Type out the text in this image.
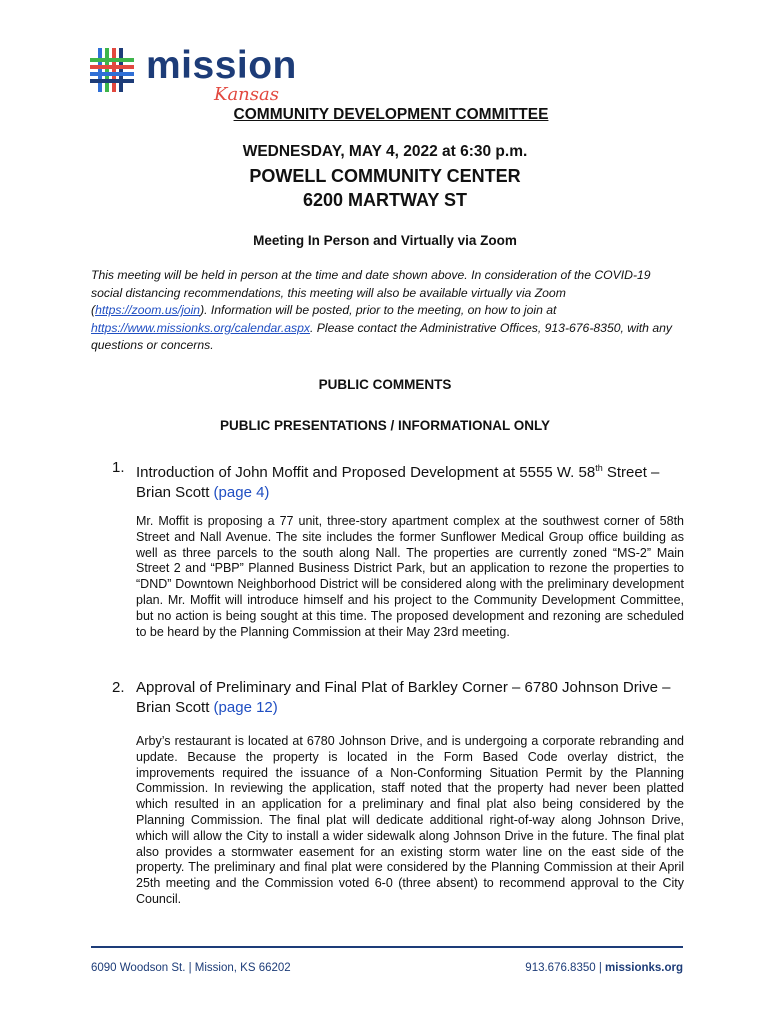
mission
Kansas
COMMUNITY DEVELOPMENT COMMITTEE
WEDNESDAY, MAY 4, 2022 at 6:30 p.m.
POWELL COMMUNITY CENTER
6200 MARTWAY ST
Meeting In Person and Virtually via Zoom
This meeting will be held in person at the time and date shown above. In consideration of the COVID-19 social distancing recommendations, this meeting will also be available virtually via Zoom (https://zoom.us/join). Information will be posted, prior to the meeting, on how to join at https://www.missionks.org/calendar.aspx. Please contact the Administrative Offices, 913-676-8350, with any questions or concerns.
PUBLIC COMMENTS
PUBLIC PRESENTATIONS / INFORMATIONAL ONLY
1. Introduction of John Moffit and Proposed Development at 5555 W. 58th Street – Brian Scott (page 4)
Mr. Moffit is proposing a 77 unit, three-story apartment complex at the southwest corner of 58th Street and Nall Avenue. The site includes the former Sunflower Medical Group office building as well as three parcels to the south along Nall. The properties are currently zoned “MS-2” Main Street 2 and “PBP” Planned Business District Park, but an application to rezone the properties to “DND” Downtown Neighborhood District will be considered along with the preliminary development plan. Mr. Moffit will introduce himself and his project to the Community Development Committee, but no action is being sought at this time. The proposed development and rezoning are scheduled to be heard by the Planning Commission at their May 23rd meeting.
2. Approval of Preliminary and Final Plat of Barkley Corner – 6780 Johnson Drive – Brian Scott (page 12)
Arby’s restaurant is located at 6780 Johnson Drive, and is undergoing a corporate rebranding and update. Because the property is located in the Form Based Code overlay district, the improvements required the issuance of a Non-Conforming Situation Permit by the Planning Commission. In reviewing the application, staff noted that the property had never been platted which resulted in an application for a preliminary and final plat also being considered by the Planning Commission. The final plat will dedicate additional right-of-way along Johnson Drive, which will allow the City to install a wider sidewalk along Johnson Drive in the future. The final plat also provides a stormwater easement for an existing storm water line on the east side of the property. The preliminary and final plat were considered by the Planning Commission at their April 25th meeting and the Commission voted 6-0 (three absent) to recommend approval to the City Council.
6090 Woodson St. | Mission, KS 66202	913.676.8350 | missionks.org
